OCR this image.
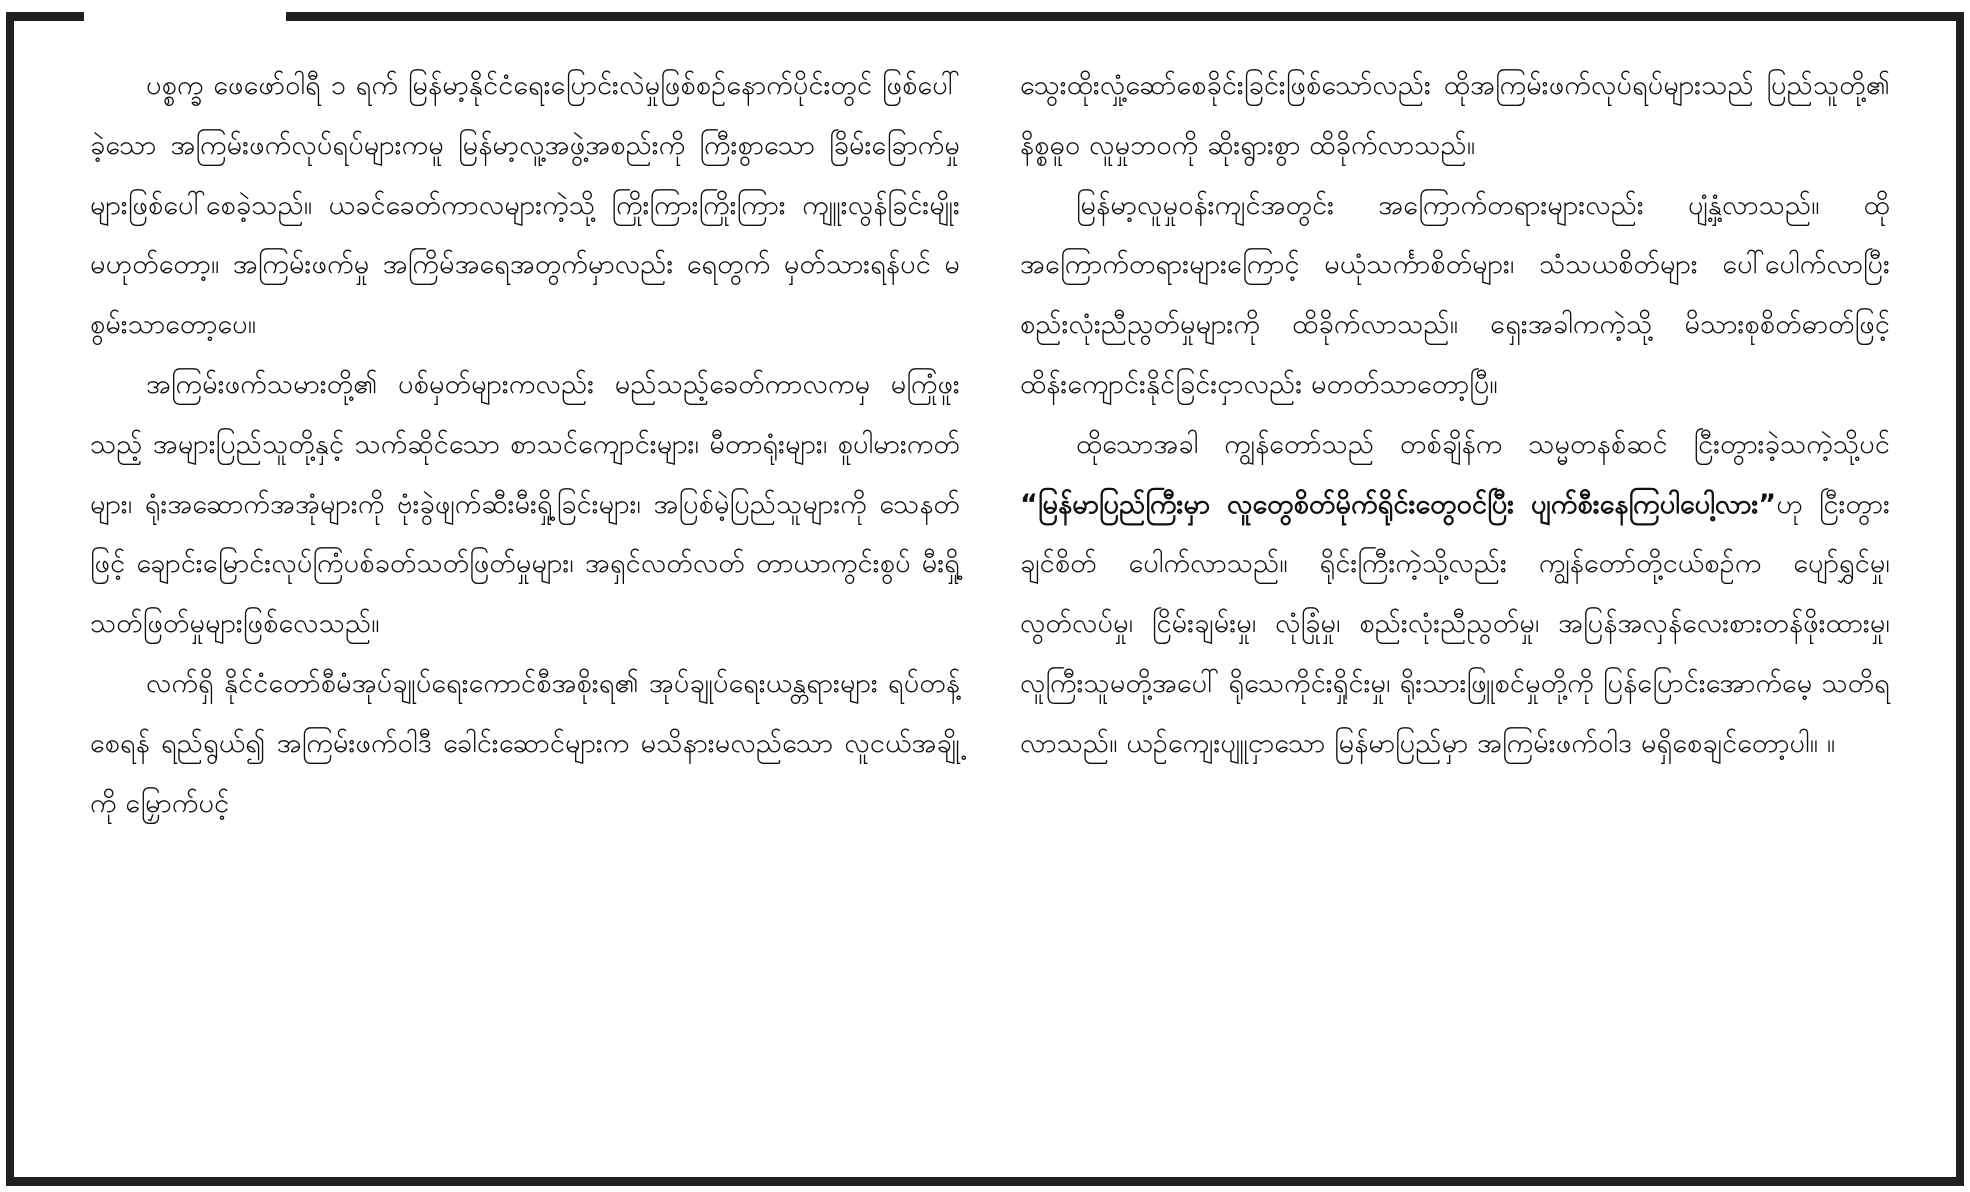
ပစ္စက္ခ ဖေဖော်ဝါရီ ၁ ရက် မြန်မာ့နိုင်ငံရေးပြောင်းလဲမှုဖြစ်စဉ်နောက်ပိုင်းတွင် ဖြစ်ပေါ်ခဲ့သော အကြမ်းဖက်လုပ်ရပ်များကမူ မြန်မာ့လူ့အဖွဲ့အစည်းကို ကြီးစွာသော ခြိမ်းခြောက်မှုများဖြစ်ပေါ်စေခဲ့သည်။ ယခင်ခေတ်ကာလများကဲ့သို့ ကြိုးကြားကြိုးကြား ကျူးလွန်ခြင်းမျိုးမဟုတ်တော့။ အကြမ်းဖက်မှု အကြိမ်အရေအတွက်မှာလည်း ရေတွက် မှတ်သားရန်ပင် မစွမ်းသာတော့ပေ။

အကြမ်းဖက်သမားတို့၏ ပစ်မှတ်များကလည်း မည်သည့်ခေတ်ကာလကမှ မကြုံဖူးသည့် အများပြည်သူတို့နှင့် သက်ဆိုင်သော စာသင်ကျောင်းများ၊ မီတာရုံးများ၊ စူပါမားကတ်များ၊ ရုံးအဆောက်အအုံများကို ဗုံးခွဲဖျက်ဆီးမီးရှို့ခြင်းများ၊ အပြစ်မဲ့ပြည်သူများကို သေနတ်ဖြင့် ချောင်းမြောင်းလုပ်ကြံပစ်ခတ်သတ်ဖြတ်မှုများ၊ အရှင်လတ်လတ် တာယာကွင်းစွပ် မီးရှို့သတ်ဖြတ်မှုများဖြစ်လေသည်။

လက်ရှိ နိုင်ငံတော်စီမံအုပ်ချုပ်ရေးကောင်စီအစိုးရ၏ အုပ်ချုပ်ရေးယန္တရားများ ရပ်တန့်စေရန် ရည်ရွယ်၍ အကြမ်းဖက်ဝါဒီ ခေါင်းဆောင်များက မသိနားမလည်သော လူငယ်အချို့ကို မြှောက်ပင့်

သွေးထိုးလှုံ့ဆော်စေခိုင်းခြင်းဖြစ်သော်လည်း ထိုအကြမ်းဖက်လုပ်ရပ်များသည် ပြည်သူတို့၏ နိစ္စဓူဝ လူမှုဘဝကို ဆိုးရွားစွာ ထိခိုက်လာသည်။

မြန်မာ့လူမှုဝန်းကျင်အတွင်း အကြောက်တရားများလည်း ပျံ့နှံ့လာသည်။ ထိုအကြောက်တရားများကြောင့် မယုံသင်္ကာစိတ်များ၊ သံသယစိတ်များ ပေါ်ပေါက်လာပြီး စည်းလုံးညီညွတ်မှုများကို ထိခိုက်လာသည်။ ရှေးအခါကကဲ့သို့ မိသားစုစိတ်ဓာတ်ဖြင့် ထိန်းကျောင်းနိုင်ခြင်းငှာလည်း မတတ်သာတော့ပြီ။

ထိုသောအခါ ကျွန်တော်သည် တစ်ချိန်က သမ္မတနစ်ဆင် ငြီးတွားခဲ့သကဲ့သို့ပင် “မြန်မာပြည်ကြီးမှာ လူတွေစိတ်မိုက်ရိုင်းတွေဝင်ပြီး ပျက်စီးနေကြပါပေါ့လား”ဟု ငြီးတွားချင်စိတ် ပေါက်လာသည်။ ရိုင်းကြီးကဲ့သို့လည်း ကျွန်တော်တို့ငယ်စဉ်က ပျော်ရွှင်မှု၊ လွတ်လပ်မှု၊ ငြိမ်းချမ်းမှု၊ လုံခြုံမှု၊ စည်းလုံးညီညွတ်မှု၊ အပြန်အလှန်လေးစားတန်ဖိုးထားမှု၊ လူကြီးသူမတို့အပေါ် ရိုသေကိုင်းရှိုင်းမှု၊ ရိုးသားဖြူစင်မှုတို့ကို ပြန်ပြောင်းအောက်မေ့ သတိရလာသည်။ ယဉ်ကျေးပျူငှာသော မြန်မာပြည်မှာ အကြမ်းဖက်ဝါဒ မရှိစေချင်တော့ပါ။ ။
